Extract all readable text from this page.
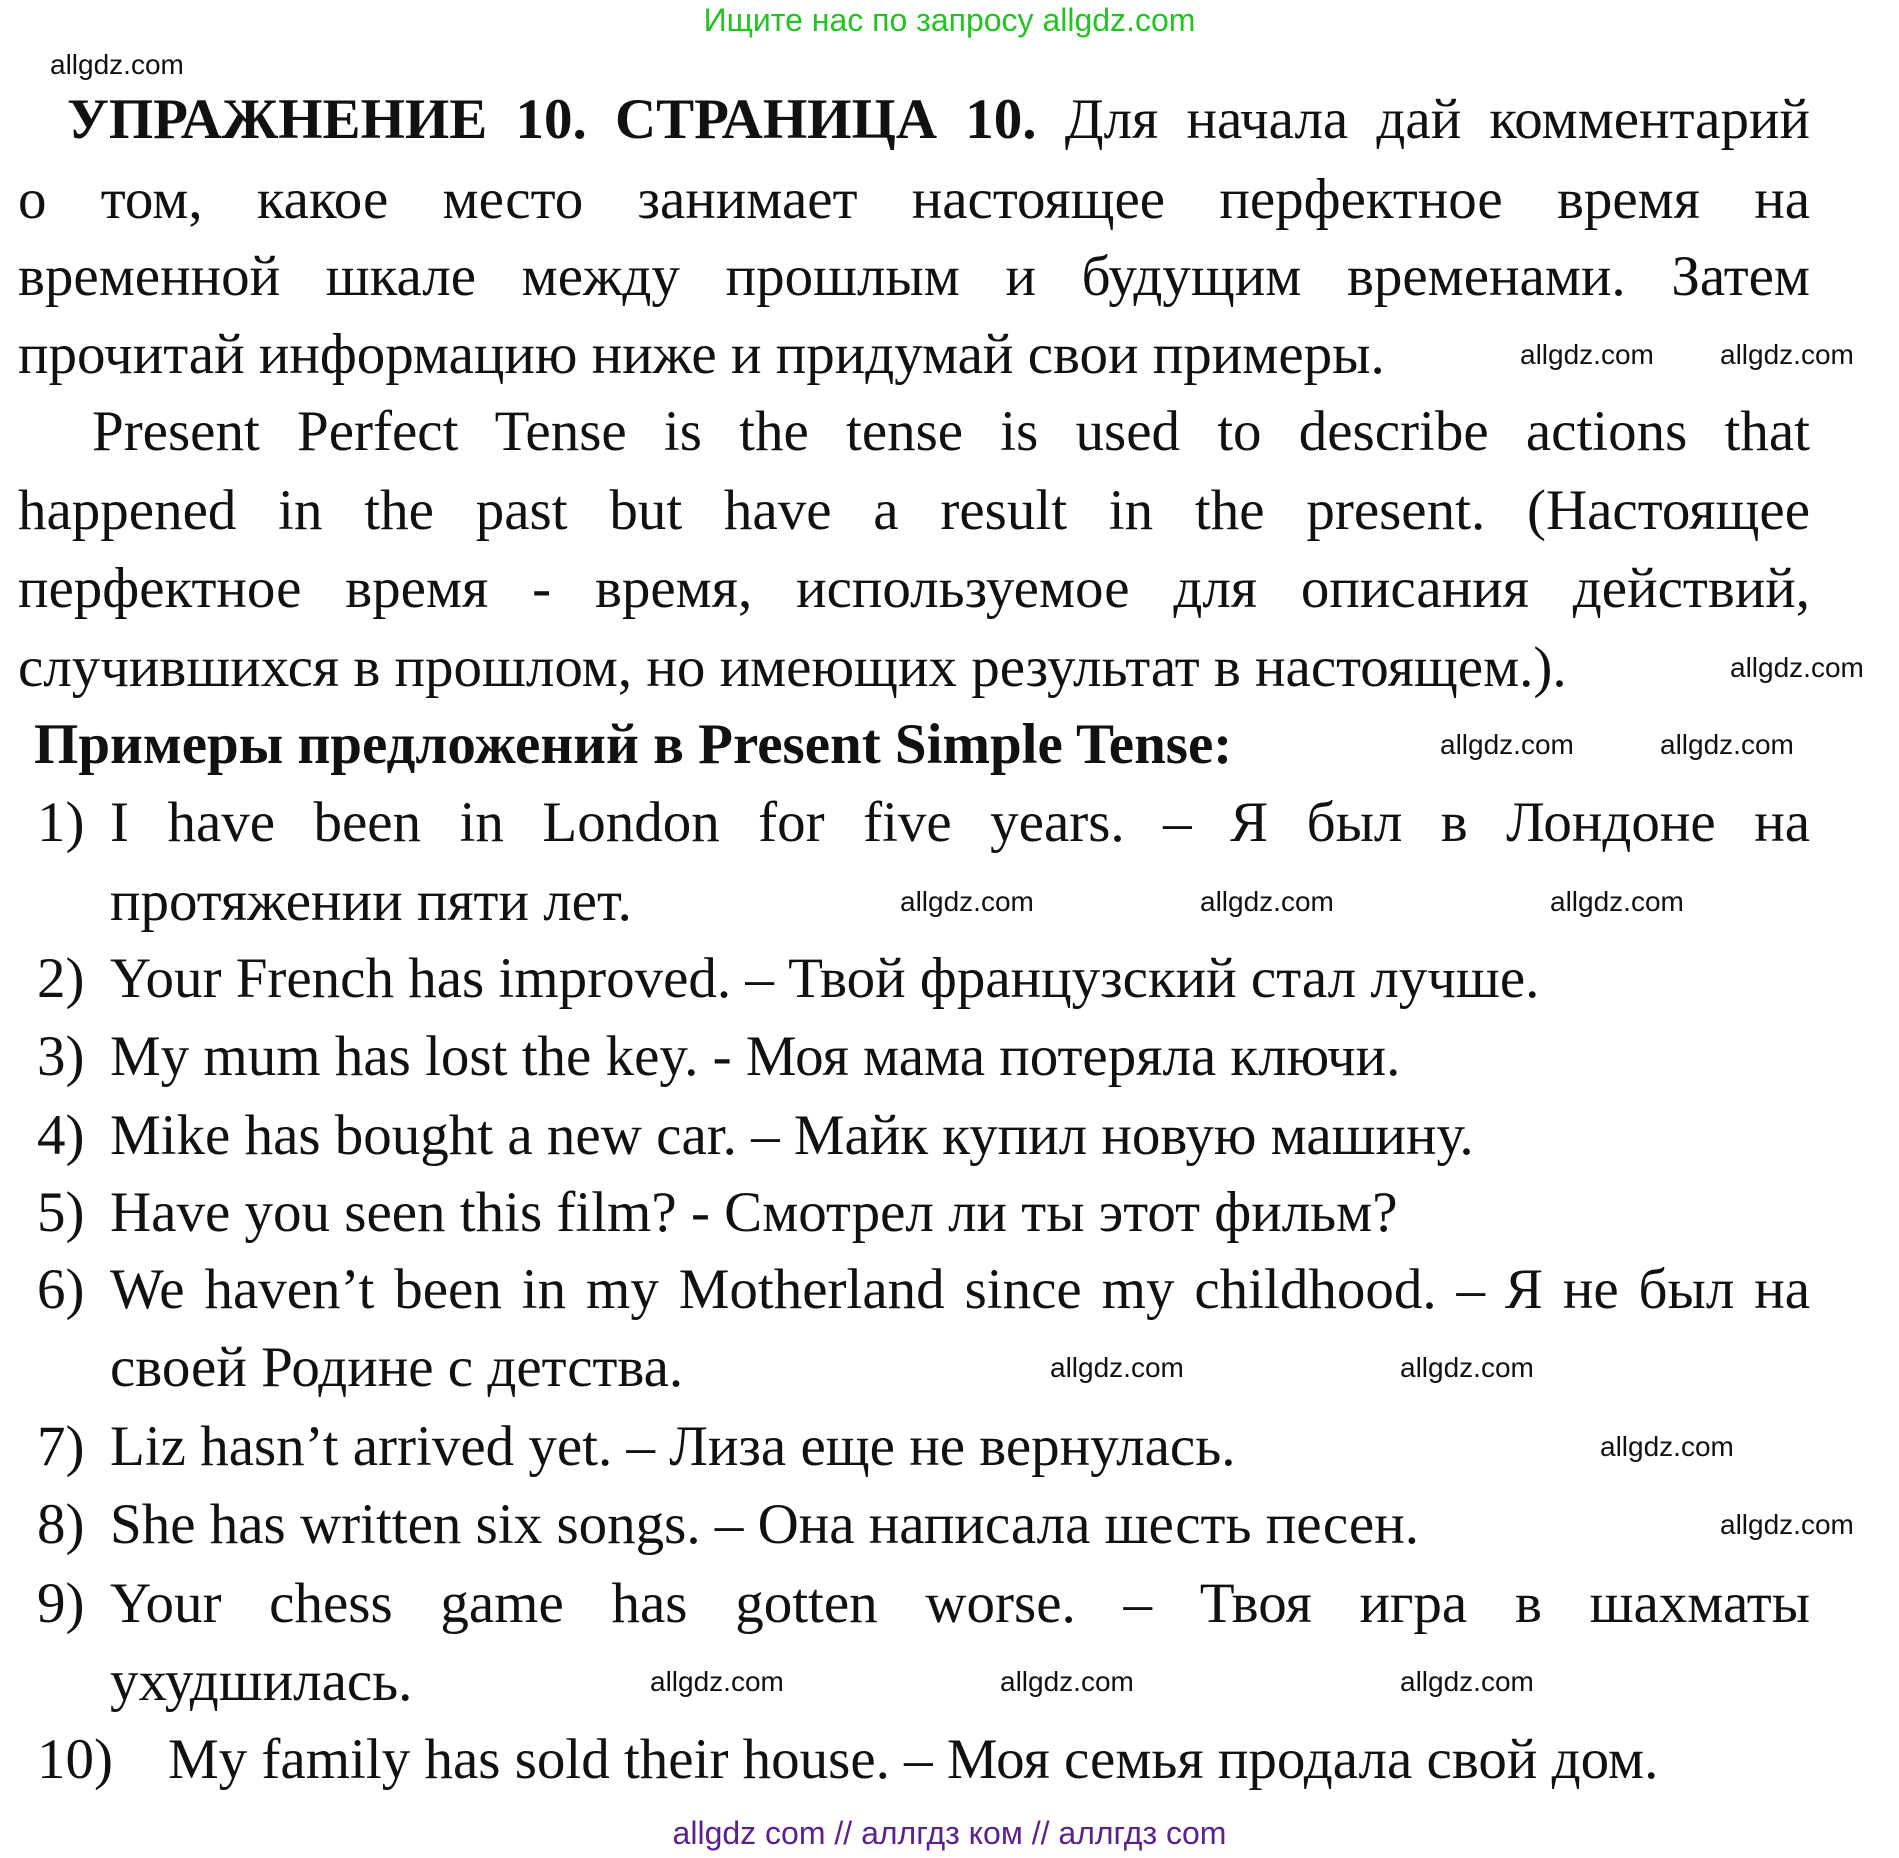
Ищите нас по запросу allgdz.com
УПРАЖНЕНИЕ 10. СТРАНИЦА 10. Для начала дай комментарий
о том, какое место занимает настоящее перфектное время на
временной шкале между прошлым и будущим временами. Затем
прочитай информацию ниже и придумай свои примеры.
Present Perfect Tense is the tense is used to describe actions that
happened in the past but have a result in the present. (Настоящее
перфектное время - время, используемое для описания действий,
случившихся в прошлом, но имеющих результат в настоящем.).
Примеры предложений в Present Simple Tense:
1) I have been in London for five years. – Я был в Лондоне на
протяжении пяти лет.
2) Your French has improved. – Твой французский стал лучше.
3) My mum has lost the key. - Моя мама потеряла ключи.
4) Mike has bought a new car. – Майк купил новую машину.
5) Have you seen this film? - Смотрел ли ты этот фильм?
6) We haven’t been in my Motherland since my childhood. – Я не был на
своей Родине с детства.
7) Liz hasn’t arrived yet. – Лиза еще не вернулась.
8) She has written six songs. – Она написала шесть песен.
9) Your chess game has gotten worse. – Твоя игра в шахматы
ухудшилась.
10) My family has sold their house. – Моя семья продала свой дом.
allgdz.com
allgdz.com allgdz.com
allgdz.com
allgdz.com	allgdz.com
allgdz.com	allgdz.com	allgdz.com
allgdz.com	allgdz.com
allgdz.com
allgdz.com
allgdz.com	allgdz.com	allgdz.com
allgdz com // аллгдз ком // аллгдз com
